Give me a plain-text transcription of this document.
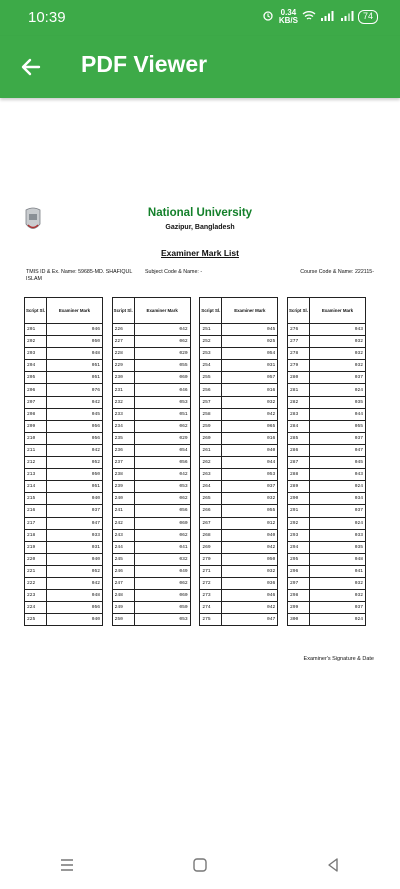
10:39	0.34
KB/S	74
PDF Viewer
National University
Gazipur, Bangladesh
Examiner Mark List
TMIS ID & Ex. Name: 59685-MD. SHAFIQUL ISLAM
Subject Code & Name: -	Course Code & Name: 222115-
Script Sl.	Examiner Mark
201	046
202	050
203	048
204	051
205	051
206	076
207	042
208	045
209	056
210	056
211	042
212	052
213	050
214	051
215	040
216	037
217	047
218	033
219	031
220	040
221	052
222	042
223	048
224	056
225	040
Script Sl.	Examiner Mark
226	042
227	062
228	020
229	055
230	060
231	046
232	053
233	051
234	062
235	029
236	054
237	056
238	042
239	053
240	062
241	056
242	060
243	062
244	041
245	032
246	049
247	062
248	060
249	050
250	053
Script Sl.	Examiner Mark
251	045
252	025
253	054
254	031
255	057
256	016
257	032
258	042
259	065
260	016
261	040
262	044
263	053
264	037
265	032
266	055
267	012
268	040
269	042
270	050
271	032
272	036
273	046
274	042
275	047
Script Sl.	Examiner Mark
276	043
277	032
278	032
279	032
280	037
281	024
282	035
283	044
284	055
285	037
286	047
287	045
288	043
289	024
290	034
291	037
292	024
293	033
294	035
295	048
296	041
297	032
298	032
299	037
300	024
Examiner's Signature & Date
